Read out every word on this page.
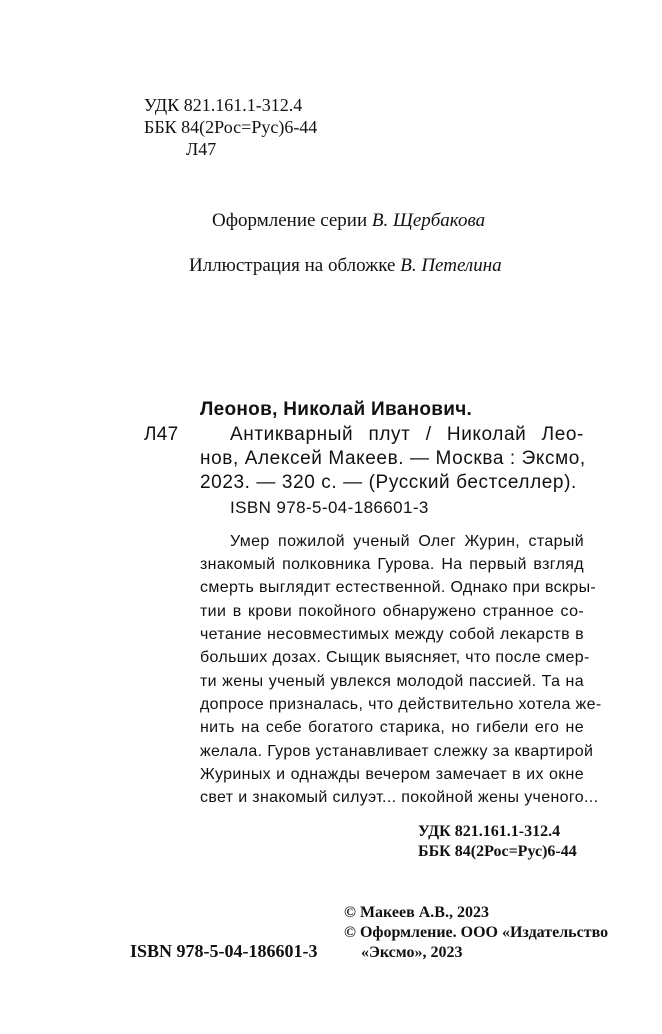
УДК 821.161.1-312.4
ББК 84(2Рос=Рус)6-44
Л47
Оформление серии В. Щербакова
Иллюстрация на обложке В. Петелина
Леонов, Николай Иванович.
Л47	Антикварный плут / Николай Лео-
нов, Алексей Макеев. — Москва : Эксмо,
2023. — 320 с. — (Русский бестселлер).
ISBN 978-5-04-186601-3
Умер пожилой ученый Олег Журин, старый
знакомый полковника Гурова. На первый взгляд
смерть выглядит естественной. Однако при вскры-
тии в крови покойного обнаружено странное со-
четание несовместимых между собой лекарств в
больших дозах. Сыщик выясняет, что после смер-
ти жены ученый увлекся молодой пассией. Та на
допросе призналась, что действительно хотела же-
нить на себе богатого старика, но гибели его не
желала. Гуров устанавливает слежку за квартирой
Журиных и однажды вечером замечает в их окне
свет и знакомый силуэт... покойной жены ученого...
УДК 821.161.1-312.4
ББК 84(2Рос=Рус)6-44
© Макеев А.В., 2023
© Оформление. ООО «Издательство
«Эксмо», 2023
ISBN 978-5-04-186601-3
